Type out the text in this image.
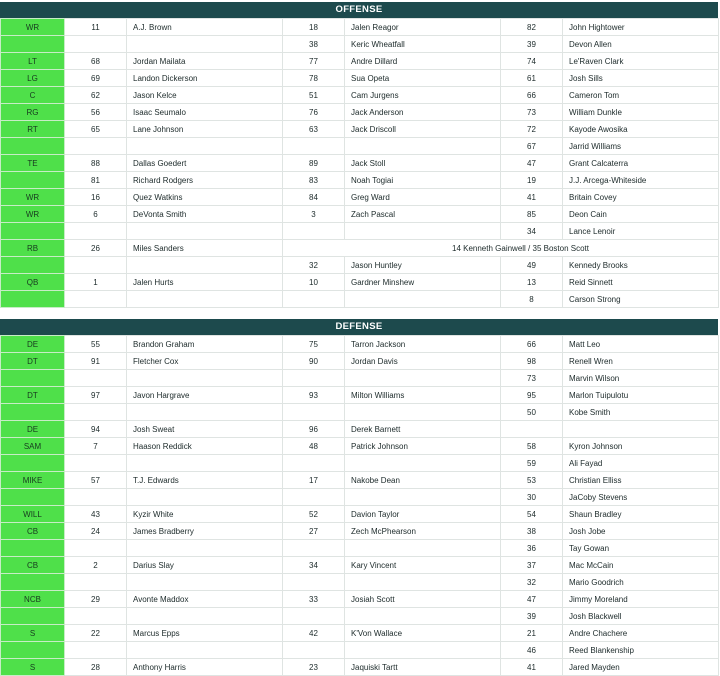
OFFENSE
WR	11	A.J. Brown	18	Jalen Reagor	82	John Hightower
			38	Keric Wheatfall	39	Devon Allen
LT	68	Jordan Mailata	77	Andre Dillard	74	Le'Raven Clark
LG	69	Landon Dickerson	78	Sua Opeta	61	Josh Sills
C	62	Jason Kelce	51	Cam Jurgens	66	Cameron Tom
RG	56	Isaac Seumalo	76	Jack Anderson	73	William Dunkle
RT	65	Lane Johnson	63	Jack Driscoll	72	Kayode Awosika
					67	Jarrid Williams
TE	88	Dallas Goedert	89	Jack Stoll	47	Grant Calcaterra
	81	Richard Rodgers	83	Noah Togiai	19	J.J. Arcega-Whiteside
WR	16	Quez Watkins	84	Greg Ward	41	Britain Covey
WR	6	DeVonta Smith	3	Zach Pascal	85	Deon Cain
					34	Lance Lenoir
RB	26	Miles Sanders	14 Kenneth Gainwell / 35 Boston Scott			
			32	Jason Huntley	49	Kennedy Brooks
QB	1	Jalen Hurts	10	Gardner Minshew	13	Reid Sinnett
					8	Carson Strong
DEFENSE
DE	55	Brandon Graham	75	Tarron Jackson	66	Matt Leo
DT	91	Fletcher Cox	90	Jordan Davis	98	Renell Wren
					73	Marvin Wilson
DT	97	Javon Hargrave	93	Milton Williams	95	Marlon Tuipulotu
					50	Kobe Smith
DE	94	Josh Sweat	96	Derek Barnett		
SAM	7	Haason Reddick	48	Patrick Johnson	58	Kyron Johnson
					59	Ali Fayad
MIKE	57	T.J. Edwards	17	Nakobe Dean	53	Christian Elliss
					30	JaCoby Stevens
WILL	43	Kyzir White	52	Davion Taylor	54	Shaun Bradley
CB	24	James Bradberry	27	Zech McPhearson	38	Josh Jobe
					36	Tay Gowan
CB	2	Darius Slay	34	Kary Vincent	37	Mac McCain
					32	Mario Goodrich
NCB	29	Avonte Maddox	33	Josiah Scott	47	Jimmy Moreland
					39	Josh Blackwell
S	22	Marcus Epps	42	K'Von Wallace	21	Andre Chachere
					46	Reed Blankenship
S	28	Anthony Harris	23	Jaquiski Tartt	41	Jared Mayden
